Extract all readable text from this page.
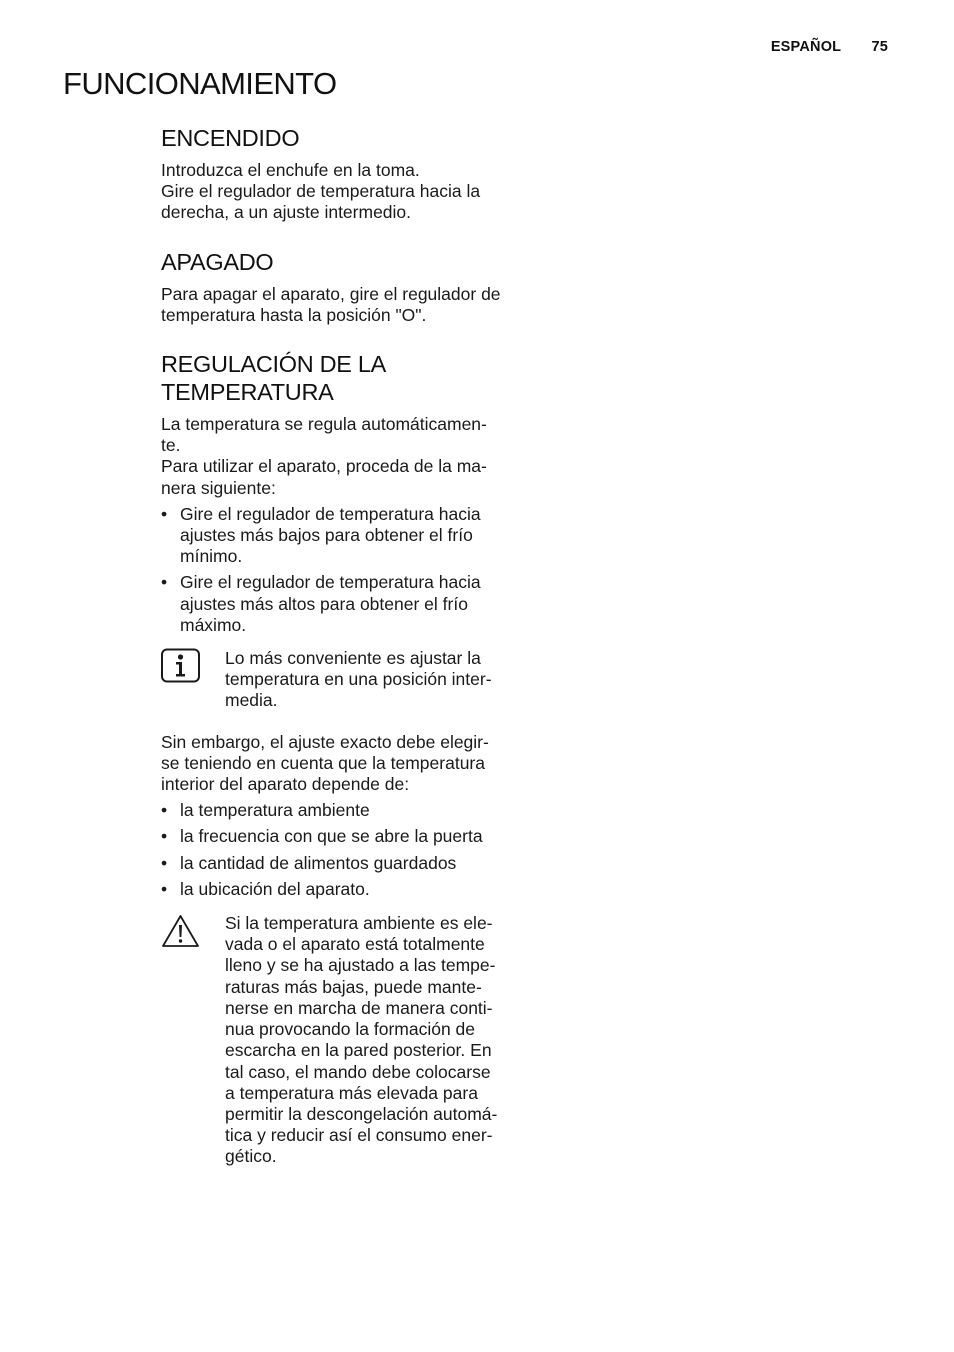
ESPAÑOL 75
FUNCIONAMIENTO
ENCENDIDO

Introduzca el enchufe en la toma.
Gire el regulador de temperatura hacia la
derecha, a un ajuste intermedio.

APAGADO

Para apagar el aparato, gire el regulador de
temperatura hasta la posición "O".

REGULACIÓN DE LA
TEMPERATURA

La temperatura se regula automáticamen-
te.
Para utilizar el aparato, proceda de la ma-
nera siguiente:

• Gire el regulador de temperatura hacia
ajustes más bajos para obtener el frío
mínimo.
• Gire el regulador de temperatura hacia
ajustes más altos para obtener el frío
máximo.
Lo más conveniente es ajustar la
temperatura en una posición inter-
media.

Sin embargo, el ajuste exacto debe elegir-
se teniendo en cuenta que la temperatura
interior del aparato depende de:

• la temperatura ambiente
• la frecuencia con que se abre la puerta
• la cantidad de alimentos guardados
• la ubicación del aparato.
Si la temperatura ambiente es ele-
vada o el aparato está totalmente
lleno y se ha ajustado a las tempe-
raturas más bajas, puede mante-
nerse en marcha de manera conti-
nua provocando la formación de
escarcha en la pared posterior. En
tal caso, el mando debe colocarse
a temperatura más elevada para
permitir la descongelación automá-
tica y reducir así el consumo ener-
gético.
